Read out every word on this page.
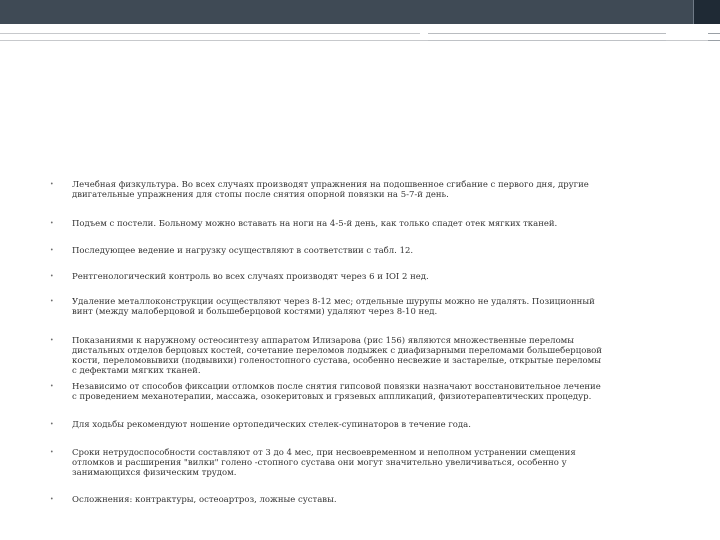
•	Лечебная физкультура. Во всех случаях производят упражнения на подошвенное сгибание с первого дня, другие
двигательные упражнения для стопы после снятия опорной повязки на 5-7-й день.
•	Подъем с постели. Больному можно вставать на ноги на 4-5-й день, как только спадет отек мягких тканей.
•	Последующее ведение и нагрузку осуществляют в соответствии с табл. 12.
•	Рентгенологический контроль во всех случаях производят через 6 и IOI 2 нед.
•	Удаление металлоконструкции осуществляют через 8-12 мес; отдельные шурупы можно не удалять. Позиционный
винт (между малоберцовой и большеберцовой костями) удаляют через 8-10 нед.
•	Показаниями к наружному остеосинтезу аппаратом Илизарова (рис 156) являются множественные переломы
дистальных отделов берцовых костей, сочетание переломов лодыжек с диафизарными переломами большеберцовой
кости, переломовывихи (подвывихи) голеностопного сустава, особенно несвежие и застарелые, открытые переломы
с дефектами мягких тканей.
•	Независимо от способов фиксации отломков после снятия гипсовой повязки назначают восстановительное лечение
с проведением механотерапии, массажа, озокеритовых и грязевых аппликаций, физиотерапевтических процедур.
•	Для ходьбы рекомендуют ношение ортопедических стелек-супинаторов в течение года.
•	Сроки нетрудоспособности составляют от 3 до 4 мес, при несвоевременном и неполном устранении смещения
отломков и расширения "вилки" голено -стопного сустава они могут значительно увеличиваться, особенно у
занимающихся физическим трудом.
•	Осложнения: контрактуры, остеоартроз, ложные суставы.
